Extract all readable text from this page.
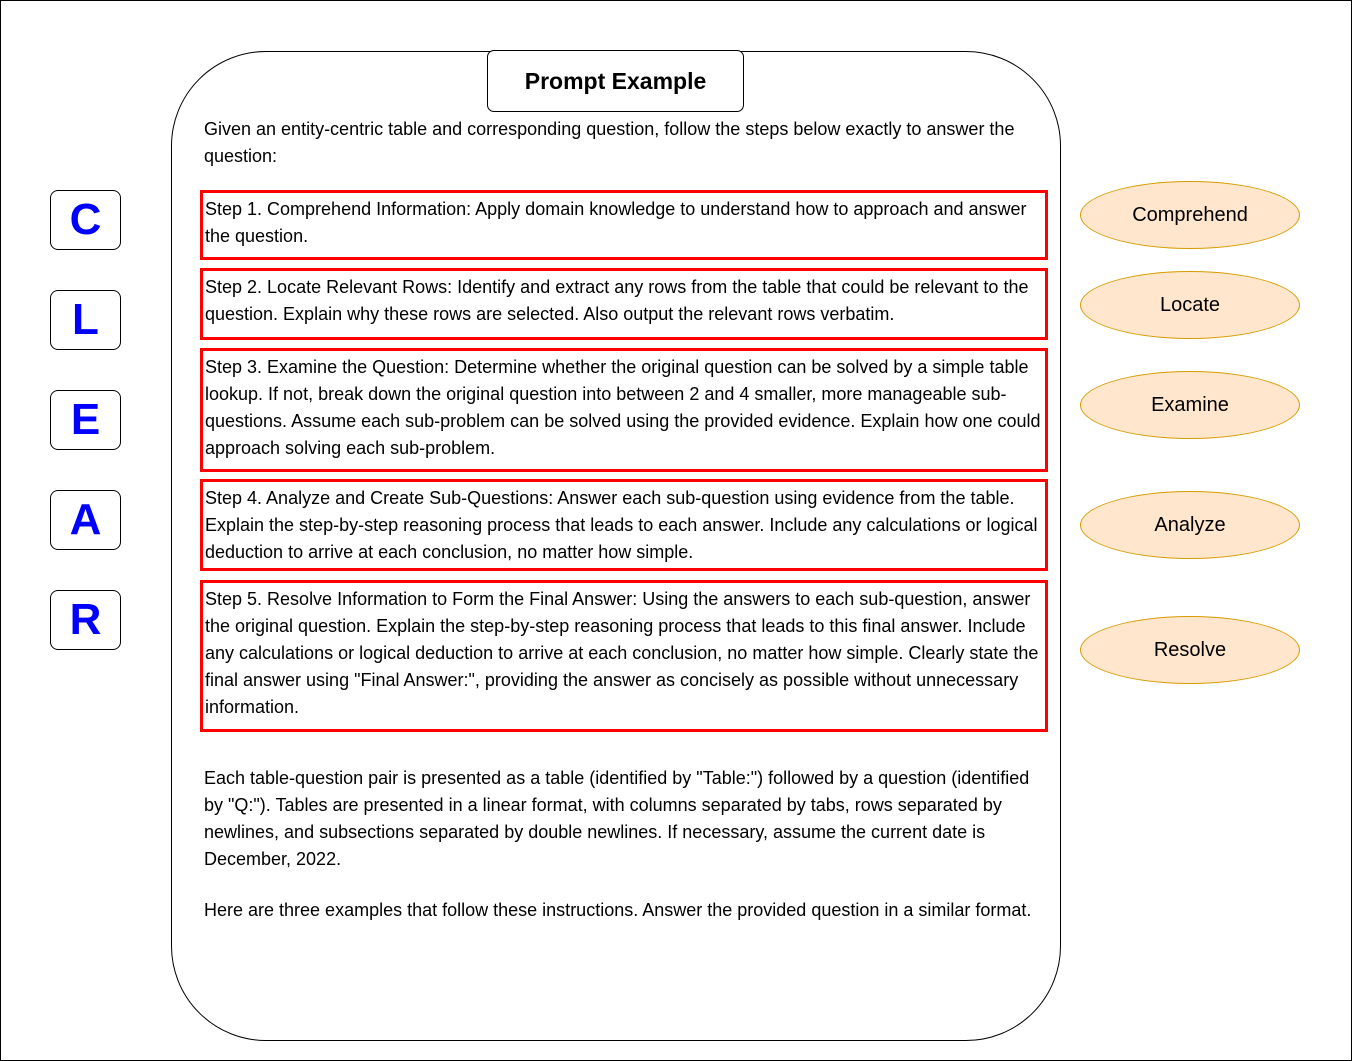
Prompt Example
Given an entity-centric table and corresponding question, follow the steps below exactly to answer the question:
Step 1. Comprehend Information: Apply domain knowledge to understand how to approach and answer the question.
Step 2. Locate Relevant Rows: Identify and extract any rows from the table that could be relevant to the question. Explain why these rows are selected. Also output the relevant rows verbatim.
Step 3. Examine the Question: Determine whether the original question can be solved by a simple table lookup. If not, break down the original question into between 2 and 4 smaller, more manageable sub-questions. Assume each sub-problem can be solved using the provided evidence. Explain how one could approach solving each sub-problem.
Step 4. Analyze and Create Sub-Questions: Answer each sub-question using evidence from the table. Explain the step-by-step reasoning process that leads to each answer. Include any calculations or logical deduction to arrive at each conclusion, no matter how simple.
Step 5. Resolve Information to Form the Final Answer: Using the answers to each sub-question, answer the original question. Explain the step-by-step reasoning process that leads to this final answer. Include any calculations or logical deduction to arrive at each conclusion, no matter how simple. Clearly state the final answer using "Final Answer:", providing the answer as concisely as possible without unnecessary information.
Each table-question pair is presented as a table (identified by "Table:") followed by a question (identified by "Q:"). Tables are presented in a linear format, with columns separated by tabs, rows separated by newlines, and subsections separated by double newlines. If necessary, assume the current date is December, 2022.
Here are three examples that follow these instructions. Answer the provided question in a similar format.
C
L
E
A
R
Comprehend
Locate
Examine
Analyze
Resolve
